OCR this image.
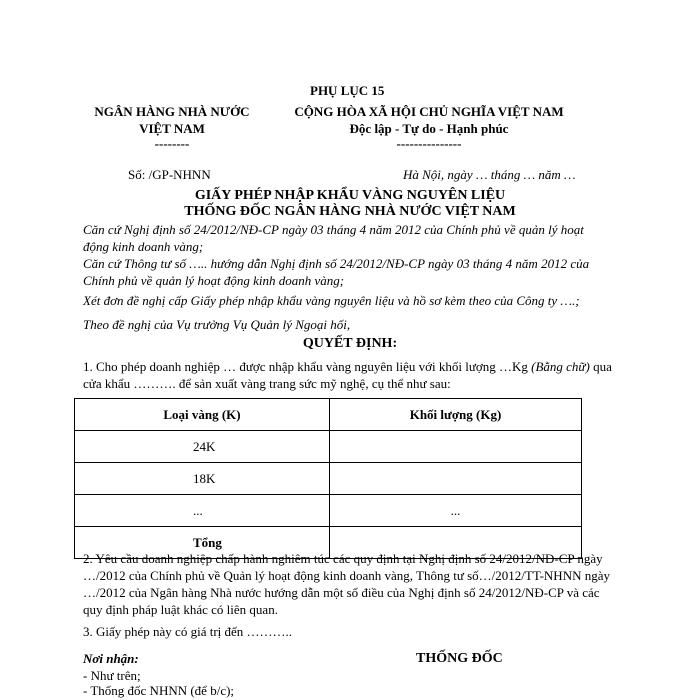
PHỤ LỤC 15
NGÂN HÀNG NHÀ NƯỚC
VIỆT NAM
--------
Số: /GP-NHNN
CỘNG HÒA XÃ HỘI CHỦ NGHĨA VIỆT NAM
Độc lập - Tự do - Hạnh phúc
---------------
Hà Nội, ngày … tháng … năm …
GIẤY PHÉP NHẬP KHẨU VÀNG NGUYÊN LIỆU
THỐNG ĐỐC NGÂN HÀNG NHÀ NƯỚC VIỆT NAM
Căn cứ Nghị định số 24/2012/NĐ-CP ngày 03 tháng 4 năm 2012 của Chính phủ về quản lý hoạt động kinh doanh vàng;
Căn cứ Thông tư số ….. hướng dẫn Nghị định số 24/2012/NĐ-CP ngày 03 tháng 4 năm 2012 của Chính phủ về quản lý hoạt động kinh doanh vàng;
Xét đơn đề nghị cấp Giấy phép nhập khẩu vàng nguyên liệu và hồ sơ kèm theo của Công ty ….;
Theo đề nghị của Vụ trưởng Vụ Quản lý Ngoại hối,
QUYẾT ĐỊNH:
1. Cho phép doanh nghiệp … được nhập khẩu vàng nguyên liệu với khối lượng …Kg (Bằng chữ) qua cửa khẩu ………. để sản xuất vàng trang sức mỹ nghệ, cụ thể như sau:
Loại vàng (K)	Khối lượng (Kg)
24K	
18K	
...	...
Tổng	
2. Yêu cầu doanh nghiệp chấp hành nghiêm túc các quy định tại Nghị định số 24/2012/NĐ-CP ngày …/2012 của Chính phủ về Quản lý hoạt động kinh doanh vàng, Thông tư số…/2012/TT-NHNN ngày …/2012 của Ngân hàng Nhà nước hướng dẫn một số điều của Nghị định số 24/2012/NĐ-CP và các quy định pháp luật khác có liên quan.
3. Giấy phép này có giá trị đến ………..
Nơi nhận:
- Như trên;
- Thống đốc NHNN (để b/c);
THỐNG ĐỐC
